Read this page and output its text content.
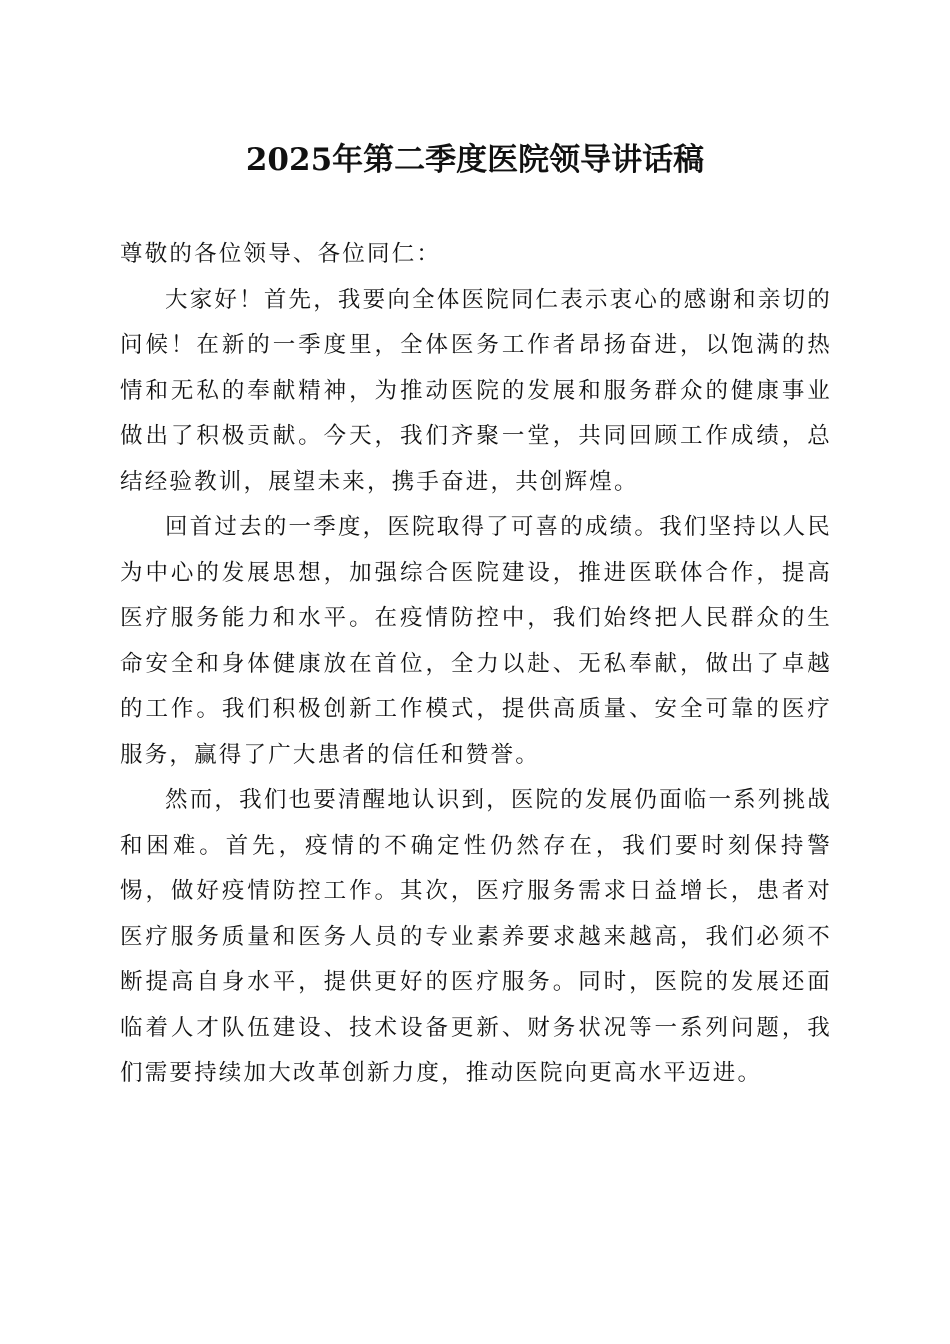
2025年第二季度医院领导讲话稿

尊敬的各位领导、各位同仁：

大家好！首先，我要向全体医院同仁表示衷心的感谢和亲切的问候！在新的一季度里，全体医务工作者昂扬奋进，以饱满的热情和无私的奉献精神，为推动医院的发展和服务群众的健康事业做出了积极贡献。今天，我们齐聚一堂，共同回顾工作成绩，总结经验教训，展望未来，携手奋进，共创辉煌。

回首过去的一季度，医院取得了可喜的成绩。我们坚持以人民为中心的发展思想，加强综合医院建设，推进医联体合作，提高医疗服务能力和水平。在疫情防控中，我们始终把人民群众的生命安全和身体健康放在首位，全力以赴、无私奉献，做出了卓越的工作。我们积极创新工作模式，提供高质量、安全可靠的医疗服务，赢得了广大患者的信任和赞誉。

然而，我们也要清醒地认识到，医院的发展仍面临一系列挑战和困难。首先，疫情的不确定性仍然存在，我们要时刻保持警惕，做好疫情防控工作。其次，医疗服务需求日益增长，患者对医疗服务质量和医务人员的专业素养要求越来越高，我们必须不断提高自身水平，提供更好的医疗服务。同时，医院的发展还面临着人才队伍建设、技术设备更新、财务状况等一系列问题，我们需要持续加大改革创新力度，推动医院向更高水平迈进。
